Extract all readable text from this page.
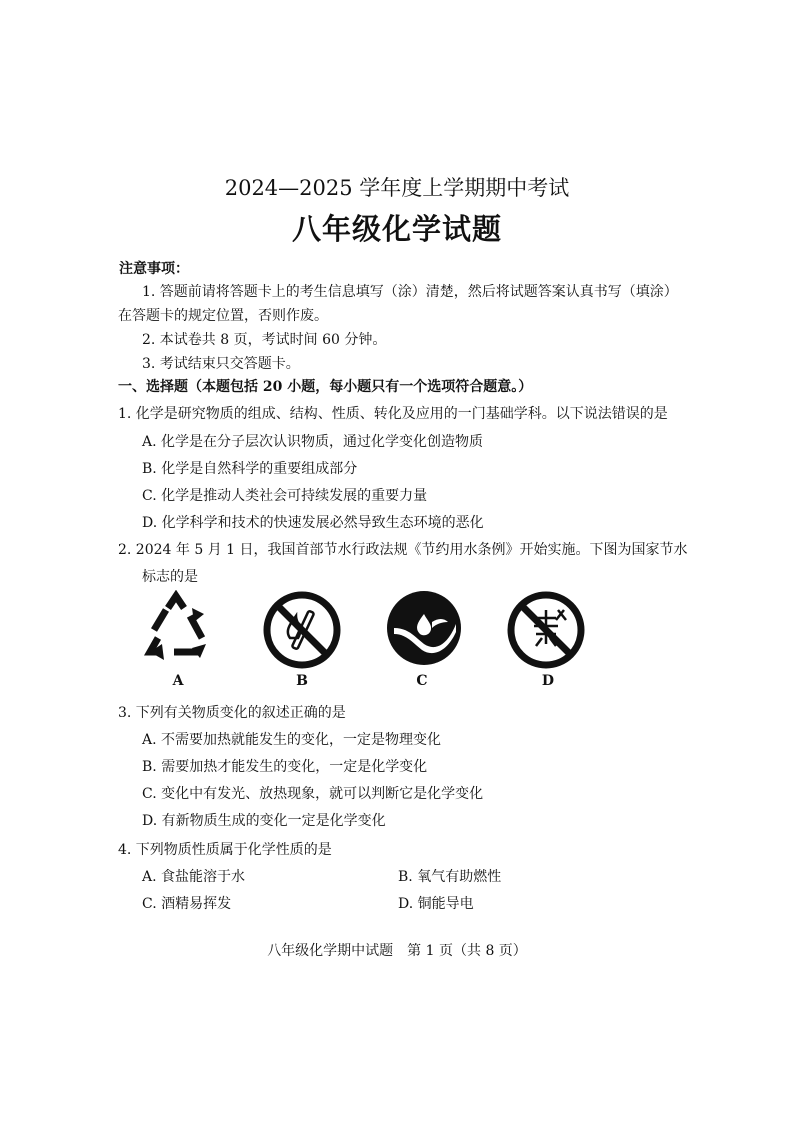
2024—2025 学年度上学期期中考试
八年级化学试题
注意事项：
1. 答题前请将答题卡上的考生信息填写（涂）清楚，然后将试题答案认真书写（填涂）
在答题卡的规定位置，否则作废。
2. 本试卷共 8 页，考试时间 60 分钟。
3. 考试结束只交答题卡。
一、选择题（本题包括 20 小题，每小题只有一个选项符合题意。）
1. 化学是研究物质的组成、结构、性质、转化及应用的一门基础学科。以下说法错误的是
A. 化学是在分子层次认识物质，通过化学变化创造物质
B. 化学是自然科学的重要组成部分
C. 化学是推动人类社会可持续发展的重要力量
D. 化学科学和技术的快速发展必然导致生态环境的恶化
2. 2024 年 5 月 1 日，我国首部节水行政法规《节约用水条例》开始实施。下图为国家节水
标志的是
A	B	C	D
3. 下列有关物质变化的叙述正确的是
A. 不需要加热就能发生的变化，一定是物理变化
B. 需要加热才能发生的变化，一定是化学变化
C. 变化中有发光、放热现象，就可以判断它是化学变化
D. 有新物质生成的变化一定是化学变化
4. 下列物质性质属于化学性质的是
A. 食盐能溶于水	B. 氧气有助燃性
C. 酒精易挥发	D. 铜能导电
八年级化学期中试题　第 1 页（共 8 页）
